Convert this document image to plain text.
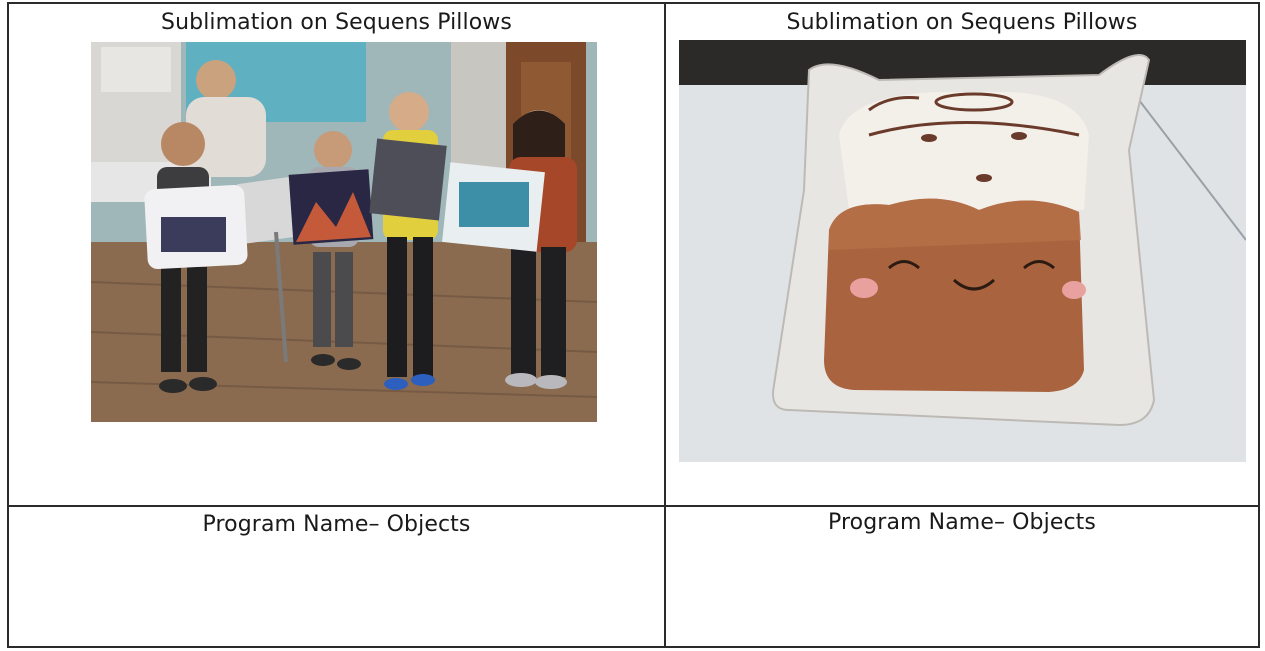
Sublimation on Sequens Pillows	Sublimation on Sequens Pillows
Program Name– Objects	Program Name– Objects
